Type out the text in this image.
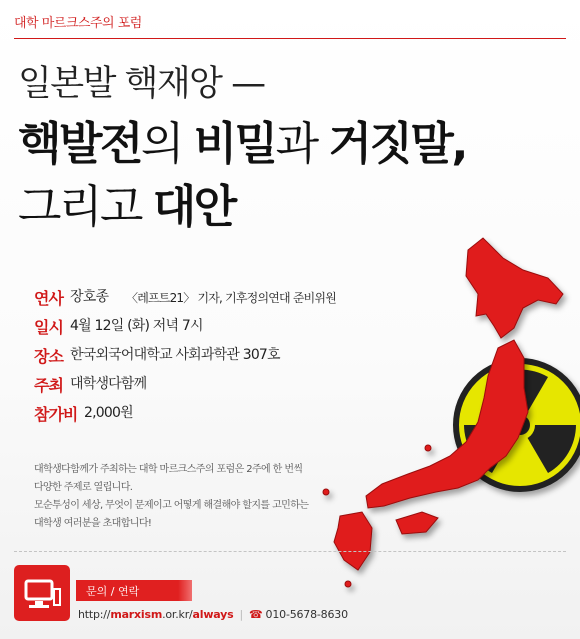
대학 마르크스주의 포럼
일본발 핵재앙 —
핵발전의 비밀과 거짓말,
그리고 대안
연사 장호종 〈레프트21〉 기자, 기후정의연대 준비위원
일시 4월 12일 (화) 저녁 7시
장소 한국외국어대학교 사회과학관 307호
주최 대학생다함께
참가비 2,000원
대학생다함께가 주최하는 대학 마르크스주의 포럼은 2주에 한 번씩
다양한 주제로 열립니다.
모순투성이 세상, 무엇이 문제이고 어떻게 해결해야 할지를 고민하는
대학생 여러분을 초대합니다!
문의 / 연락
http://marxism.or.kr/always | ☎ 010-5678-8630
